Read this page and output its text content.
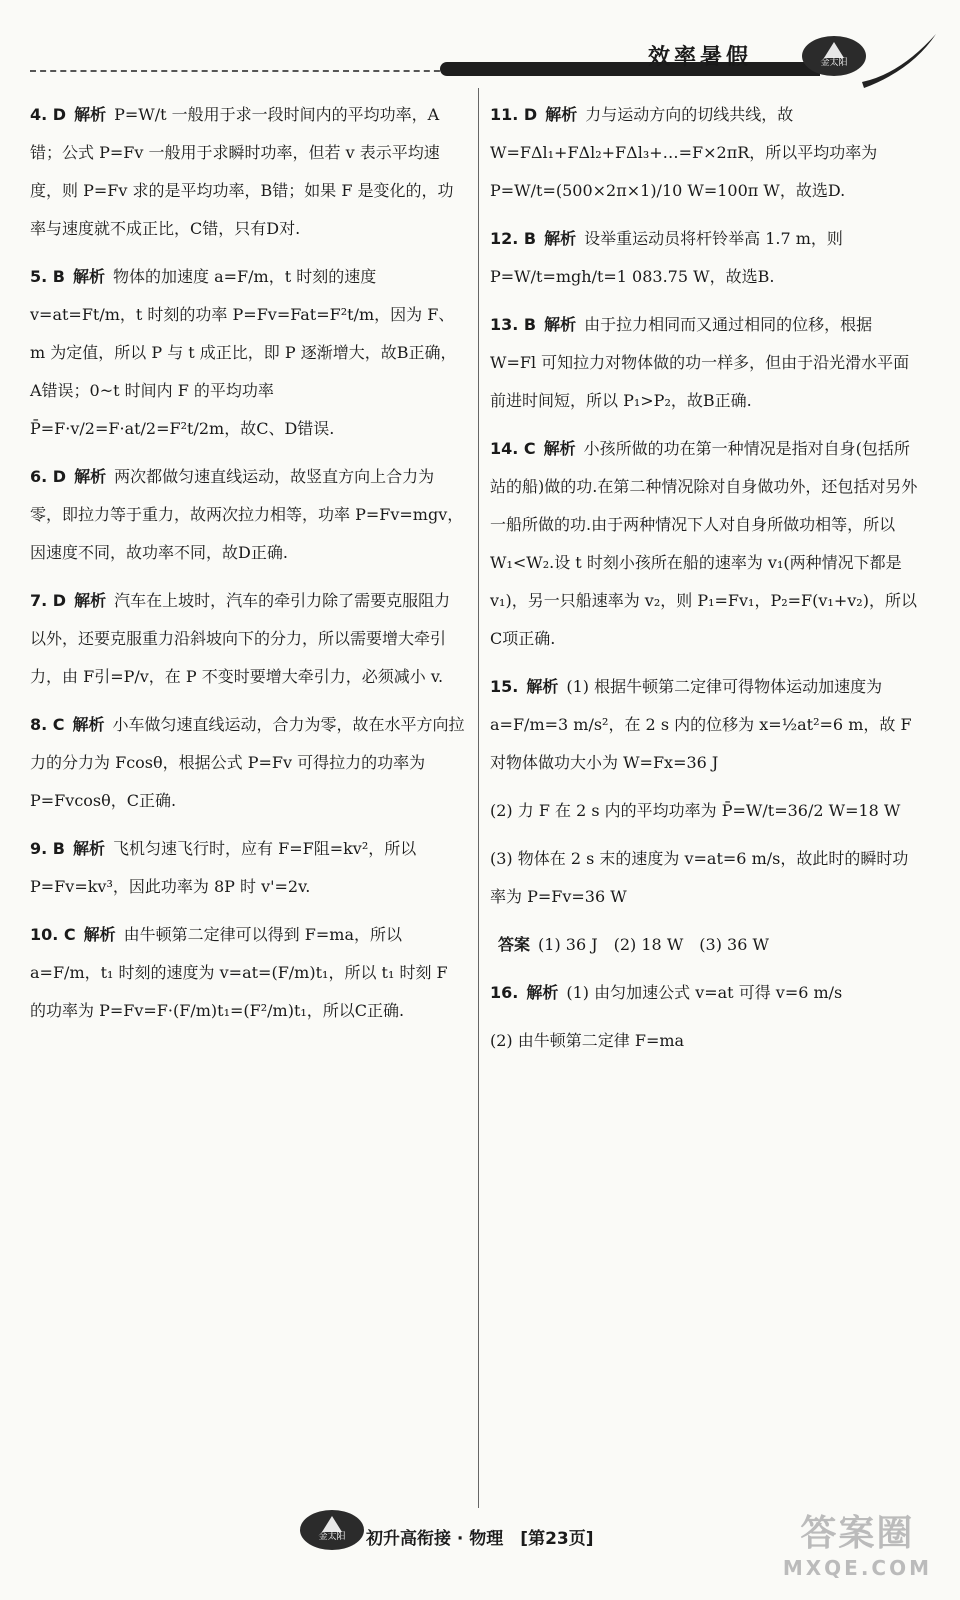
效率暑假	金太阳
4. D 解析 P=W/t 一般用于求一段时间内的平均功率，A错；公式 P=Fv 一般用于求瞬时功率，但若 v 表示平均速度，则 P=Fv 求的是平均功率，B错；如果 F 是变化的，功率与速度就不成正比，C错，只有D对.
5. B 解析 物体的加速度 a=F/m，t 时刻的速度 v=at=Ft/m，t 时刻的功率 P=Fv=Fat=F²t/m，因为 F、m 为定值，所以 P 与 t 成正比，即 P 逐渐增大，故B正确，A错误；0~t 时间内 F 的平均功率 P̄=F·v/2=F·at/2=F²t/2m，故C、D错误.
6. D 解析 两次都做匀速直线运动，故竖直方向上合力为零，即拉力等于重力，故两次拉力相等，功率 P=Fv=mgv，因速度不同，故功率不同，故D正确.
7. D 解析 汽车在上坡时，汽车的牵引力除了需要克服阻力以外，还要克服重力沿斜坡向下的分力，所以需要增大牵引力，由 F引=P/v，在 P 不变时要增大牵引力，必须减小 v.
8. C 解析 小车做匀速直线运动，合力为零，故在水平方向拉力的分力为 Fcosθ，根据公式 P=Fv 可得拉力的功率为 P=Fvcosθ，C正确.
9. B 解析 飞机匀速飞行时，应有 F=F阻=kv²，所以 P=Fv=kv³，因此功率为 8P 时 v'=2v.
10. C 解析 由牛顿第二定律可以得到 F=ma，所以 a=F/m，t₁ 时刻的速度为 v=at=(F/m)t₁，所以 t₁ 时刻 F 的功率为 P=Fv=F·(F/m)t₁=(F²/m)t₁，所以C正确.
11. D 解析 力与运动方向的切线共线，故 W=FΔl₁+FΔl₂+FΔl₃+…=F×2πR，所以平均功率为 P=W/t=(500×2π×1)/10 W=100π W，故选D.
12. B 解析 设举重运动员将杆铃举高 1.7 m，则 P=W/t=mgh/t=1 083.75 W，故选B.
13. B 解析 由于拉力相同而又通过相同的位移，根据 W=Fl 可知拉力对物体做的功一样多，但由于沿光滑水平面前进时间短，所以 P₁>P₂，故B正确.
14. C 解析 小孩所做的功在第一种情况是指对自身(包括所站的船)做的功.在第二种情况除对自身做功外，还包括对另外一船所做的功.由于两种情况下人对自身所做功相等，所以 W₁<W₂.设 t 时刻小孩所在船的速率为 v₁(两种情况下都是 v₁)，另一只船速率为 v₂，则 P₁=Fv₁，P₂=F(v₁+v₂)，所以C项正确.
15. 解析 (1) 根据牛顿第二定律可得物体运动加速度为 a=F/m=3 m/s²，在 2 s 内的位移为 x=½at²=6 m，故 F 对物体做功大小为 W=Fx=36 J
(2) 力 F 在 2 s 内的平均功率为 P̄=W/t=36/2 W=18 W
(3) 物体在 2 s 末的速度为 v=at=6 m/s，故此时的瞬时功率为 P=Fv=36 W
答案 (1) 36 J　(2) 18 W　(3) 36 W
16. 解析 (1) 由匀加速公式 v=at 可得 v=6 m/s
(2) 由牛顿第二定律 F=ma
金太阳	初升高衔接 · 物理　[第23页]	答案圈
MXQE.COM
